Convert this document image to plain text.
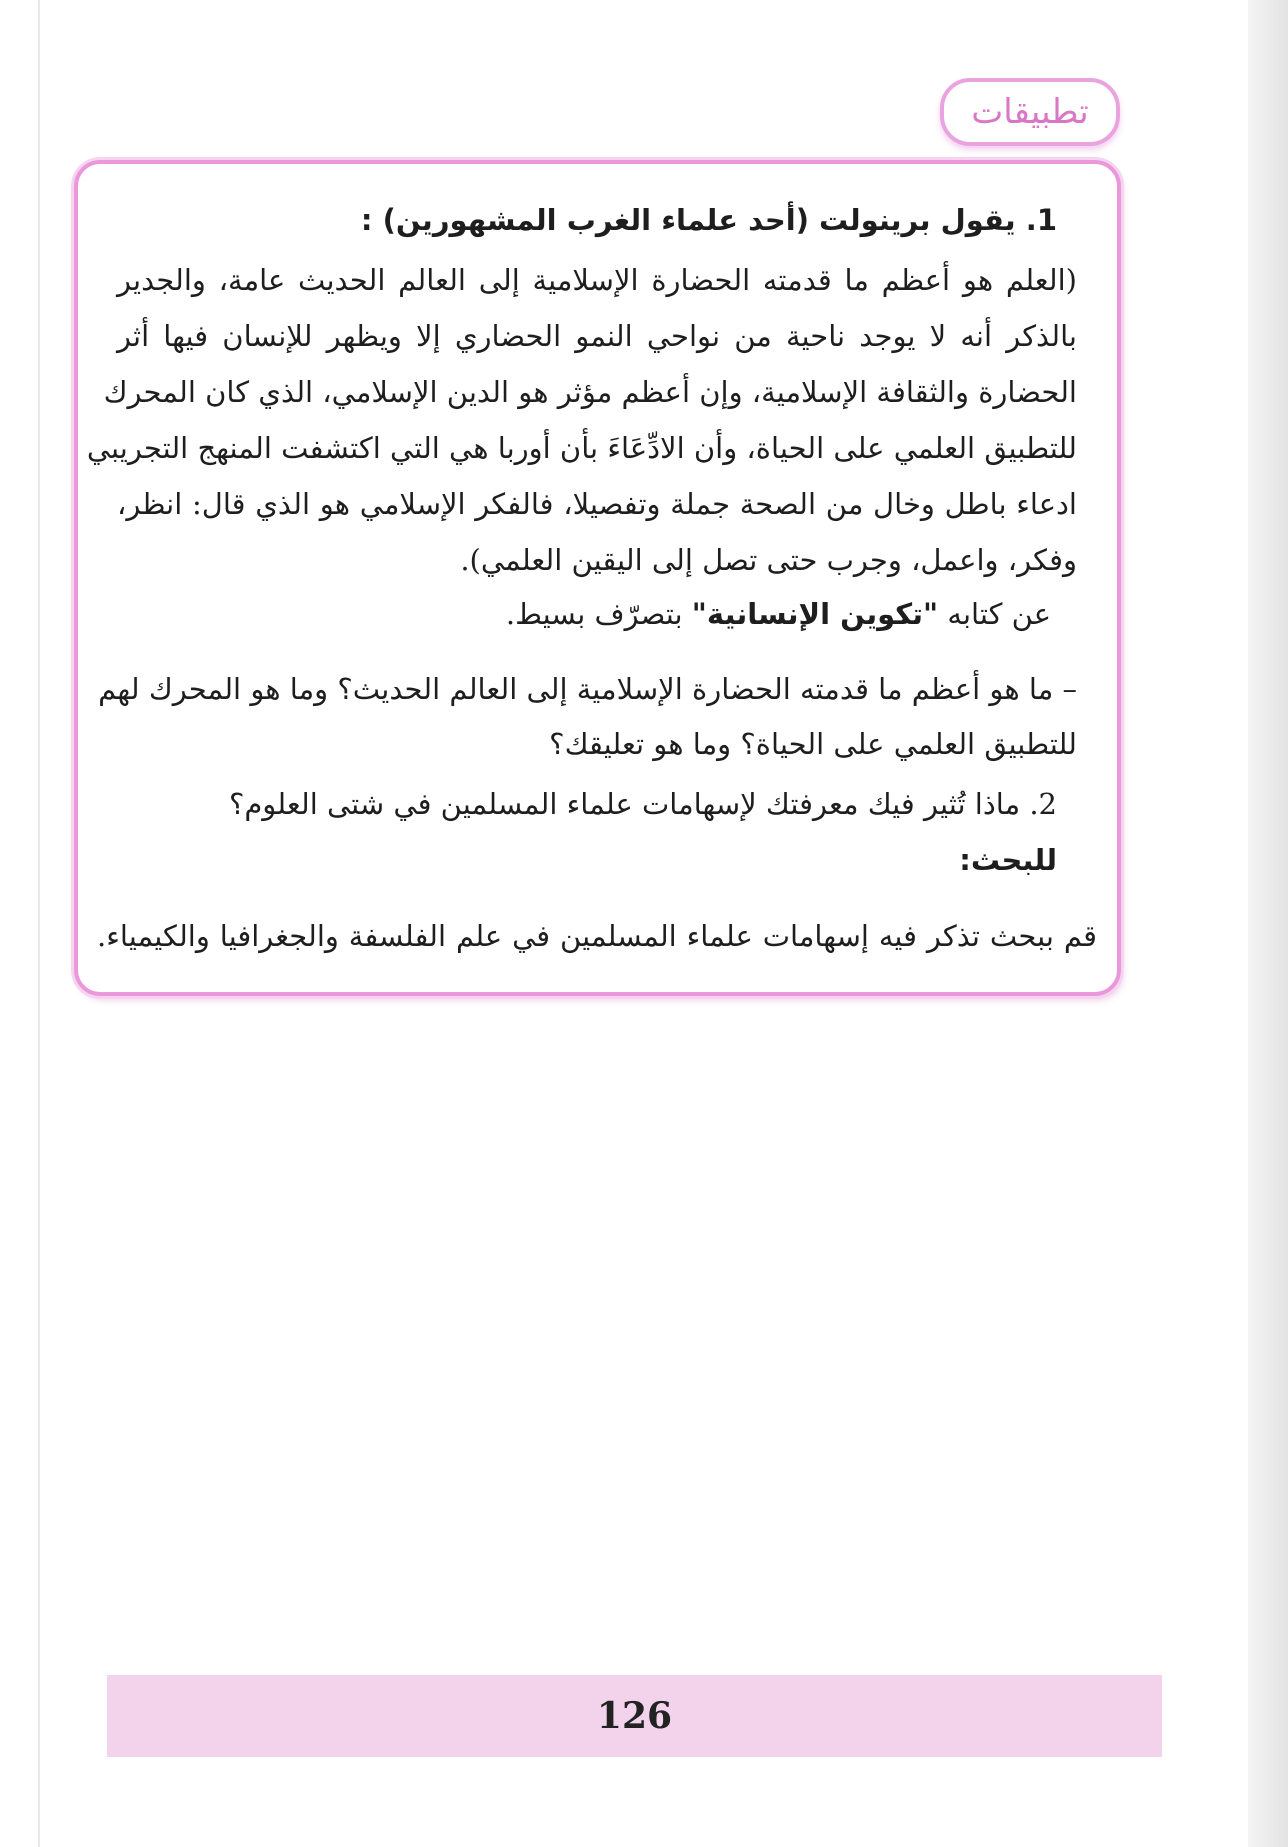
تطبيقات
1. يقول برينولت (أحد علماء الغرب المشهورين) :
(العلم هو أعظم ما قدمته الحضارة الإسلامية إلى العالم الحديث عامة، والجدير
بالذكر أنه لا يوجد ناحية من نواحي النمو الحضاري إلا ويظهر للإنسان فيها أثر
الحضارة والثقافة الإسلامية، وإن أعظم مؤثر هو الدين الإسلامي، الذي كان المحرك
للتطبيق العلمي على الحياة، وأن الادِّعَاءَ بأن أوربا هي التي اكتشفت المنهج التجريبي
ادعاء باطل وخال من الصحة جملة وتفصيلا، فالفكر الإسلامي هو الذي قال: انظر،
وفكر، واعمل، وجرب حتى تصل إلى اليقين العلمي).
عن كتابه "تكوين الإنسانية" بتصرّف بسيط.
– ما هو أعظم ما قدمته الحضارة الإسلامية إلى العالم الحديث؟ وما هو المحرك لهم
للتطبيق العلمي على الحياة؟ وما هو تعليقك؟
2. ماذا تُثير فيك معرفتك لإسهامات علماء المسلمين في شتى العلوم؟
للبحث:
قم ببحث تذكر فيه إسهامات علماء المسلمين في علم الفلسفة والجغرافيا والكيمياء.
126
